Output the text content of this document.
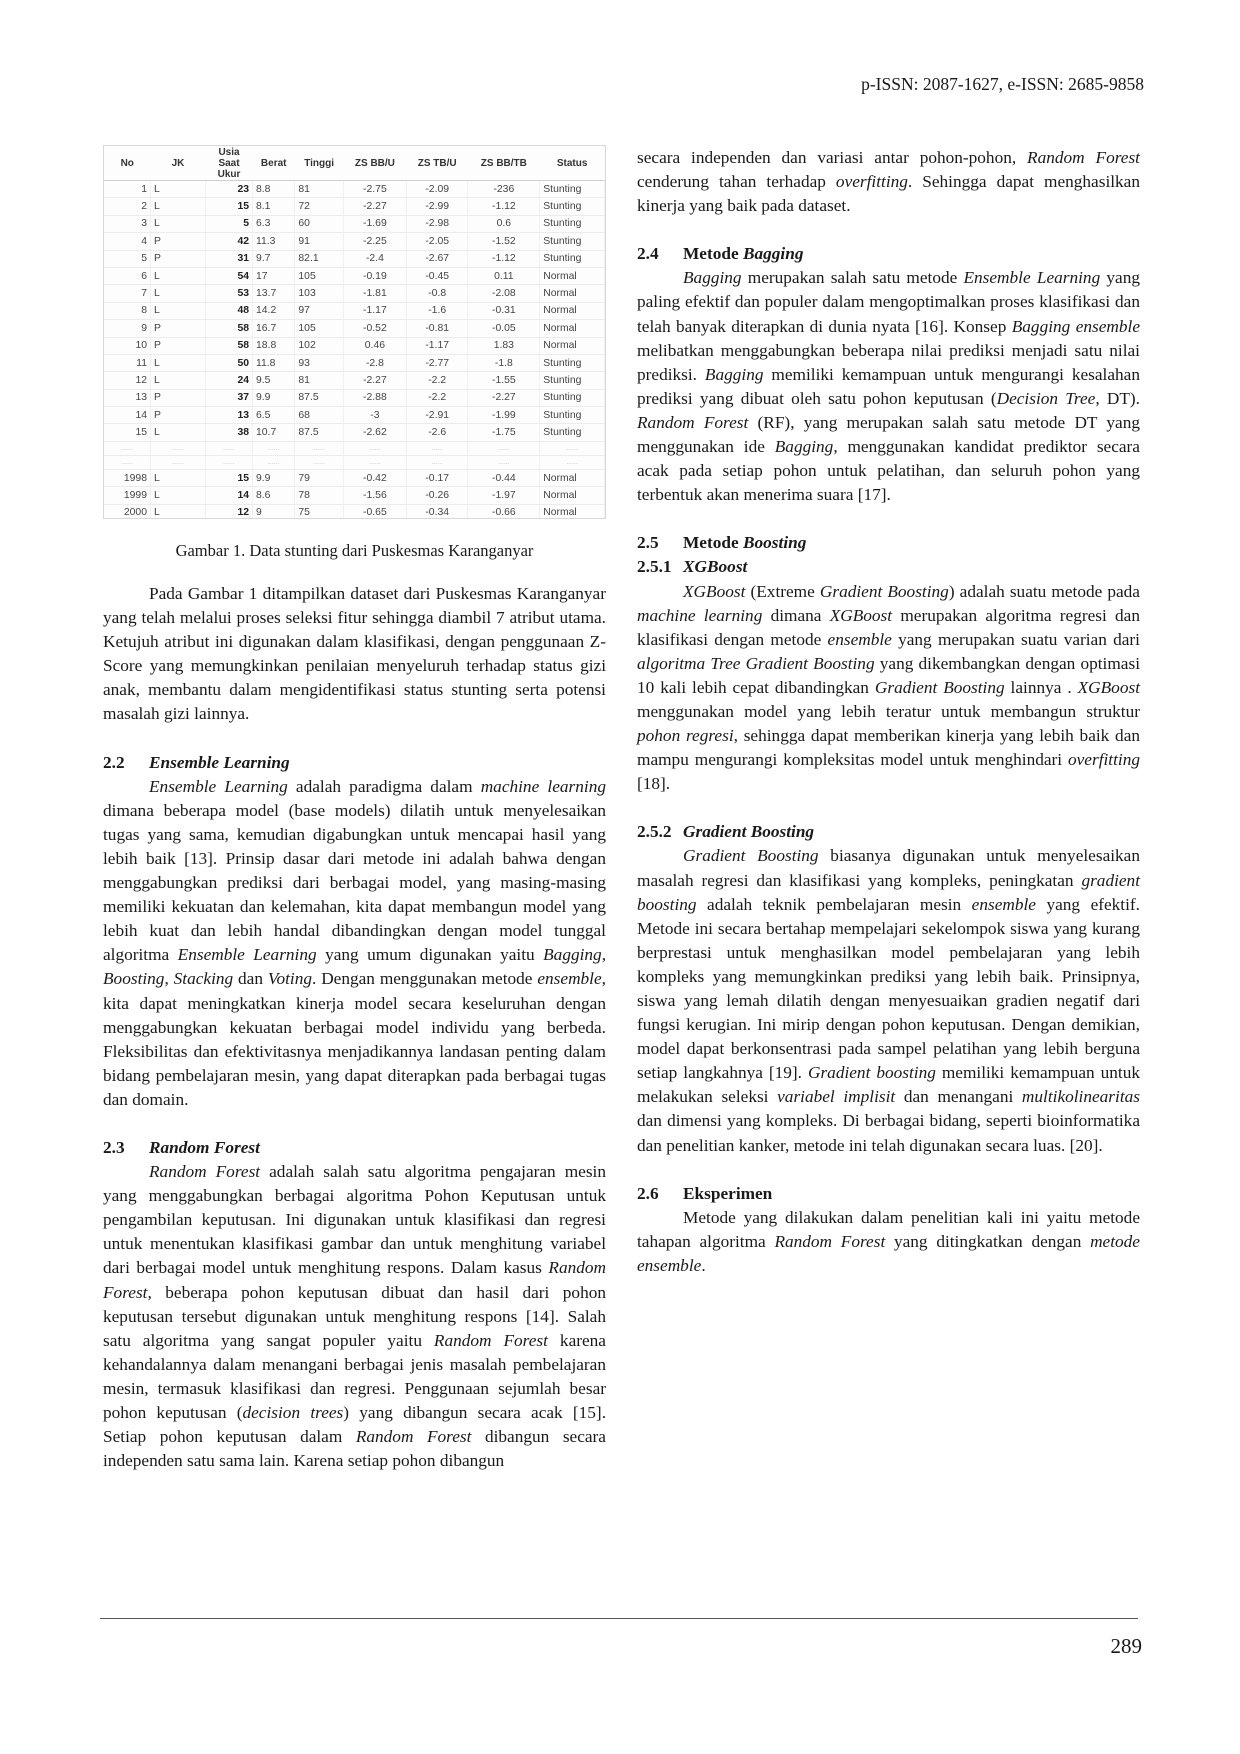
p-ISSN: 2087-1627, e-ISSN: 2685-9858
No	JK	Usia Saat Ukur	Berat	Tinggi	ZS BB/U	ZS TB/U	ZS BB/TB	Status
1	L	23	8.8	81	-2.75	-2.09	-236	Stunting
2	L	15	8.1	72	-2.27	-2.99	-1.12	Stunting
3	L	5	6.3	60	-1.69	-2.98	0.6	Stunting
4	P	42	11.3	91	-2.25	-2.05	-1.52	Stunting
5	P	31	9.7	82.1	-2.4	-2.67	-1.12	Stunting
6	L	54	17	105	-0.19	-0.45	0.11	Normal
7	L	53	13.7	103	-1.81	-0.8	-2.08	Normal
8	L	48	14.2	97	-1.17	-1.6	-0.31	Normal
9	P	58	16.7	105	-0.52	-0.81	-0.05	Normal
10	P	58	18.8	102	0.46	-1.17	1.83	Normal
11	L	50	11.8	93	-2.8	-2.77	-1.8	Stunting
12	L	24	9.5	81	-2.27	-2.2	-1.55	Stunting
13	P	37	9.9	87.5	-2.88	-2.2	-2.27	Stunting
14	P	13	6.5	68	-3	-2.91	-1.99	Stunting
15	L	38	10.7	87.5	-2.62	-2.6	-1.75	Stunting
......	......	......	......	......	......	......	......	......
......	......	......	......	......	......	......	......	......
1998	L	15	9.9	79	-0.42	-0.17	-0.44	Normal
1999	L	14	8.6	78	-1.56	-0.26	-1.97	Normal
2000	L	12	9	75	-0.65	-0.34	-0.66	Normal
Gambar 1. Data stunting dari Puskesmas Karanganyar

Pada Gambar 1 ditampilkan dataset dari Puskesmas Karanganyar yang telah melalui proses seleksi fitur sehingga diambil 7 atribut utama. Ketujuh atribut ini digunakan dalam klasifikasi, dengan penggunaan Z-Score yang memungkinkan penilaian menyeluruh terhadap status gizi anak, membantu dalam mengidentifikasi status stunting serta potensi masalah gizi lainnya.

2.2 Ensemble Learning

Ensemble Learning adalah paradigma dalam machine learning dimana beberapa model (base models) dilatih untuk menyelesaikan tugas yang sama, kemudian digabungkan untuk mencapai hasil yang lebih baik [13]. Prinsip dasar dari metode ini adalah bahwa dengan menggabungkan prediksi dari berbagai model, yang masing-masing memiliki kekuatan dan kelemahan, kita dapat membangun model yang lebih kuat dan lebih handal dibandingkan dengan model tunggal algoritma Ensemble Learning yang umum digunakan yaitu Bagging, Boosting, Stacking dan Voting. Dengan menggunakan metode ensemble, kita dapat meningkatkan kinerja model secara keseluruhan dengan menggabungkan kekuatan berbagai model individu yang berbeda. Fleksibilitas dan efektivitasnya menjadikannya landasan penting dalam bidang pembelajaran mesin, yang dapat diterapkan pada berbagai tugas dan domain.

2.3 Random Forest

Random Forest adalah salah satu algoritma pengajaran mesin yang menggabungkan berbagai algoritma Pohon Keputusan untuk pengambilan keputusan. Ini digunakan untuk klasifikasi dan regresi untuk menentukan klasifikasi gambar dan untuk menghitung variabel dari berbagai model untuk menghitung respons. Dalam kasus Random Forest, beberapa pohon keputusan dibuat dan hasil dari pohon keputusan tersebut digunakan untuk menghitung respons [14]. Salah satu algoritma yang sangat populer yaitu Random Forest karena kehandalannya dalam menangani berbagai jenis masalah pembelajaran mesin, termasuk klasifikasi dan regresi. Penggunaan sejumlah besar pohon keputusan (decision trees) yang dibangun secara acak [15]. Setiap pohon keputusan dalam Random Forest dibangun secara independen satu sama lain. Karena setiap pohon dibangun

secara independen dan variasi antar pohon-pohon, Random Forest cenderung tahan terhadap overfitting. Sehingga dapat menghasilkan kinerja yang baik pada dataset.

2.4 Metode Bagging

Bagging merupakan salah satu metode Ensemble Learning yang paling efektif dan populer dalam mengoptimalkan proses klasifikasi dan telah banyak diterapkan di dunia nyata [16]. Konsep Bagging ensemble melibatkan menggabungkan beberapa nilai prediksi menjadi satu nilai prediksi. Bagging memiliki kemampuan untuk mengurangi kesalahan prediksi yang dibuat oleh satu pohon keputusan (Decision Tree, DT). Random Forest (RF), yang merupakan salah satu metode DT yang menggunakan ide Bagging, menggunakan kandidat prediktor secara acak pada setiap pohon untuk pelatihan, dan seluruh pohon yang terbentuk akan menerima suara [17].

2.5 Metode Boosting
2.5.1 XGBoost

XGBoost (Extreme Gradient Boosting) adalah suatu metode pada machine learning dimana XGBoost merupakan algoritma regresi dan klasifikasi dengan metode ensemble yang merupakan suatu varian dari algoritma Tree Gradient Boosting yang dikembangkan dengan optimasi 10 kali lebih cepat dibandingkan Gradient Boosting lainnya . XGBoost menggunakan model yang lebih teratur untuk membangun struktur pohon regresi, sehingga dapat memberikan kinerja yang lebih baik dan mampu mengurangi kompleksitas model untuk menghindari overfitting [18].

2.5.2 Gradient Boosting

Gradient Boosting biasanya digunakan untuk menyelesaikan masalah regresi dan klasifikasi yang kompleks, peningkatan gradient boosting adalah teknik pembelajaran mesin ensemble yang efektif. Metode ini secara bertahap mempelajari sekelompok siswa yang kurang berprestasi untuk menghasilkan model pembelajaran yang lebih kompleks yang memungkinkan prediksi yang lebih baik. Prinsipnya, siswa yang lemah dilatih dengan menyesuaikan gradien negatif dari fungsi kerugian. Ini mirip dengan pohon keputusan. Dengan demikian, model dapat berkonsentrasi pada sampel pelatihan yang lebih berguna setiap langkahnya [19]. Gradient boosting memiliki kemampuan untuk melakukan seleksi variabel implisit dan menangani multikolinearitas dan dimensi yang kompleks. Di berbagai bidang, seperti bioinformatika dan penelitian kanker, metode ini telah digunakan secara luas. [20].

2.6 Eksperimen

Metode yang dilakukan dalam penelitian kali ini yaitu metode tahapan algoritma Random Forest yang ditingkatkan dengan metode ensemble.

289
